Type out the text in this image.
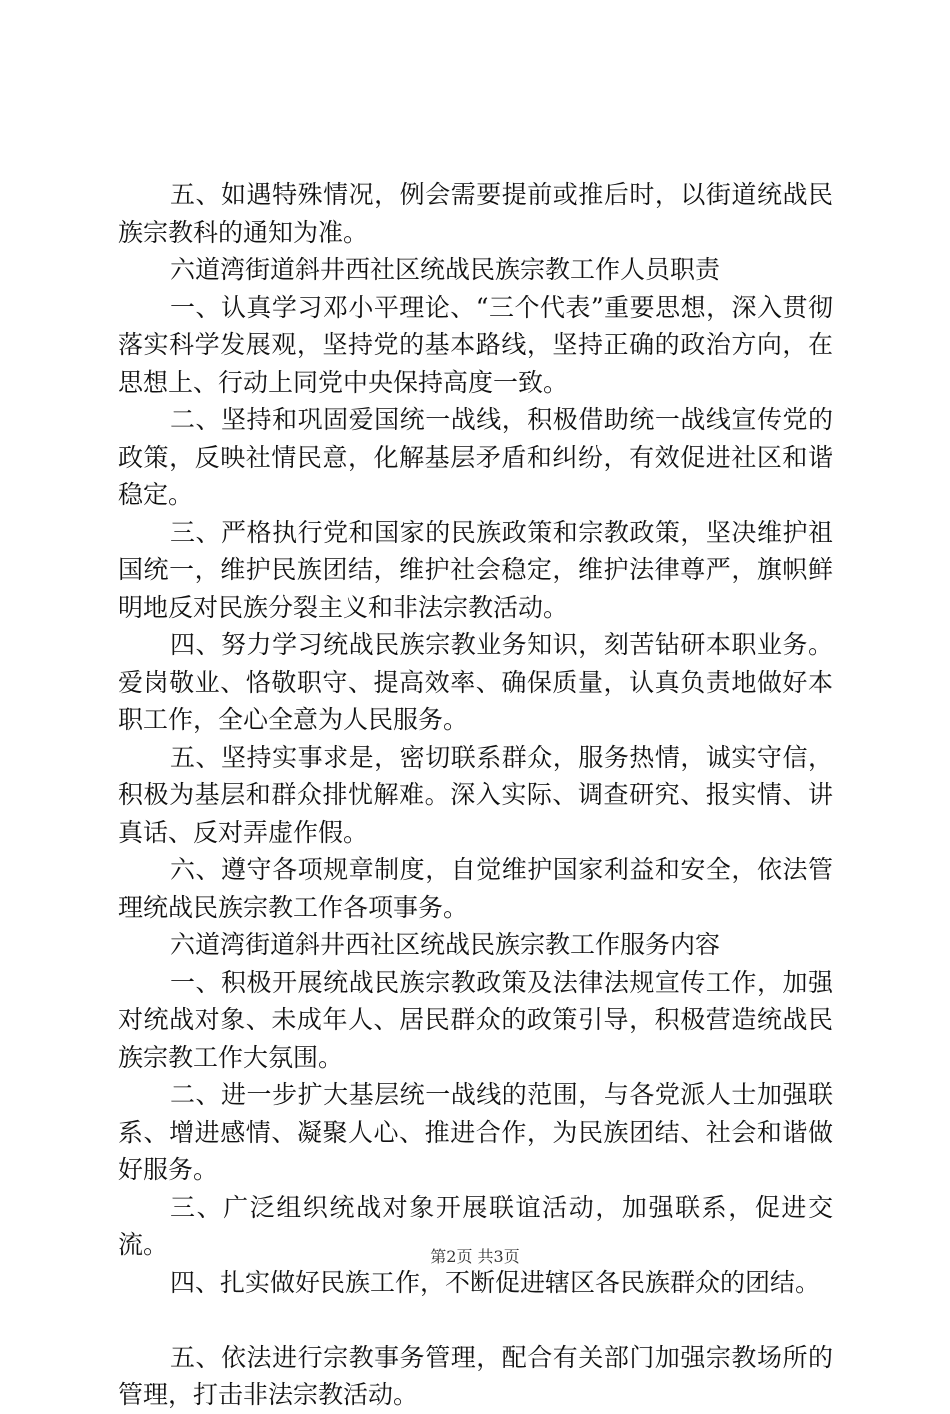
五、如遇特殊情况，例会需要提前或推后时，以街道统战民族宗教科的通知为准。

六道湾街道斜井西社区统战民族宗教工作人员职责

一、认真学习邓小平理论、“三个代表”重要思想，深入贯彻落实科学发展观，坚持党的基本路线，坚持正确的政治方向，在思想上、行动上同党中央保持高度一致。

二、坚持和巩固爱国统一战线，积极借助统一战线宣传党的政策，反映社情民意，化解基层矛盾和纠纷，有效促进社区和谐稳定。

三、严格执行党和国家的民族政策和宗教政策，坚决维护祖国统一，维护民族团结，维护社会稳定，维护法律尊严，旗帜鲜明地反对民族分裂主义和非法宗教活动。

四、努力学习统战民族宗教业务知识，刻苦钻研本职业务。爱岗敬业、恪敬职守、提高效率、确保质量，认真负责地做好本职工作，全心全意为人民服务。

五、坚持实事求是，密切联系群众，服务热情，诚实守信，积极为基层和群众排忧解难。深入实际、调查研究、报实情、讲真话、反对弄虚作假。

六、遵守各项规章制度，自觉维护国家利益和安全，依法管理统战民族宗教工作各项事务。

六道湾街道斜井西社区统战民族宗教工作服务内容

一、积极开展统战民族宗教政策及法律法规宣传工作，加强对统战对象、未成年人、居民群众的政策引导，积极营造统战民族宗教工作大氛围。

二、进一步扩大基层统一战线的范围，与各党派人士加强联系、增进感情、凝聚人心、推进合作，为民族团结、社会和谐做好服务。

三、广泛组织统战对象开展联谊活动，加强联系，促进交流。

四、扎实做好民族工作，不断促进辖区各民族群众的团结。

五、依法进行宗教事务管理，配合有关部门加强宗教场所的管理，打击非法宗教活动。

第2页 共3页
